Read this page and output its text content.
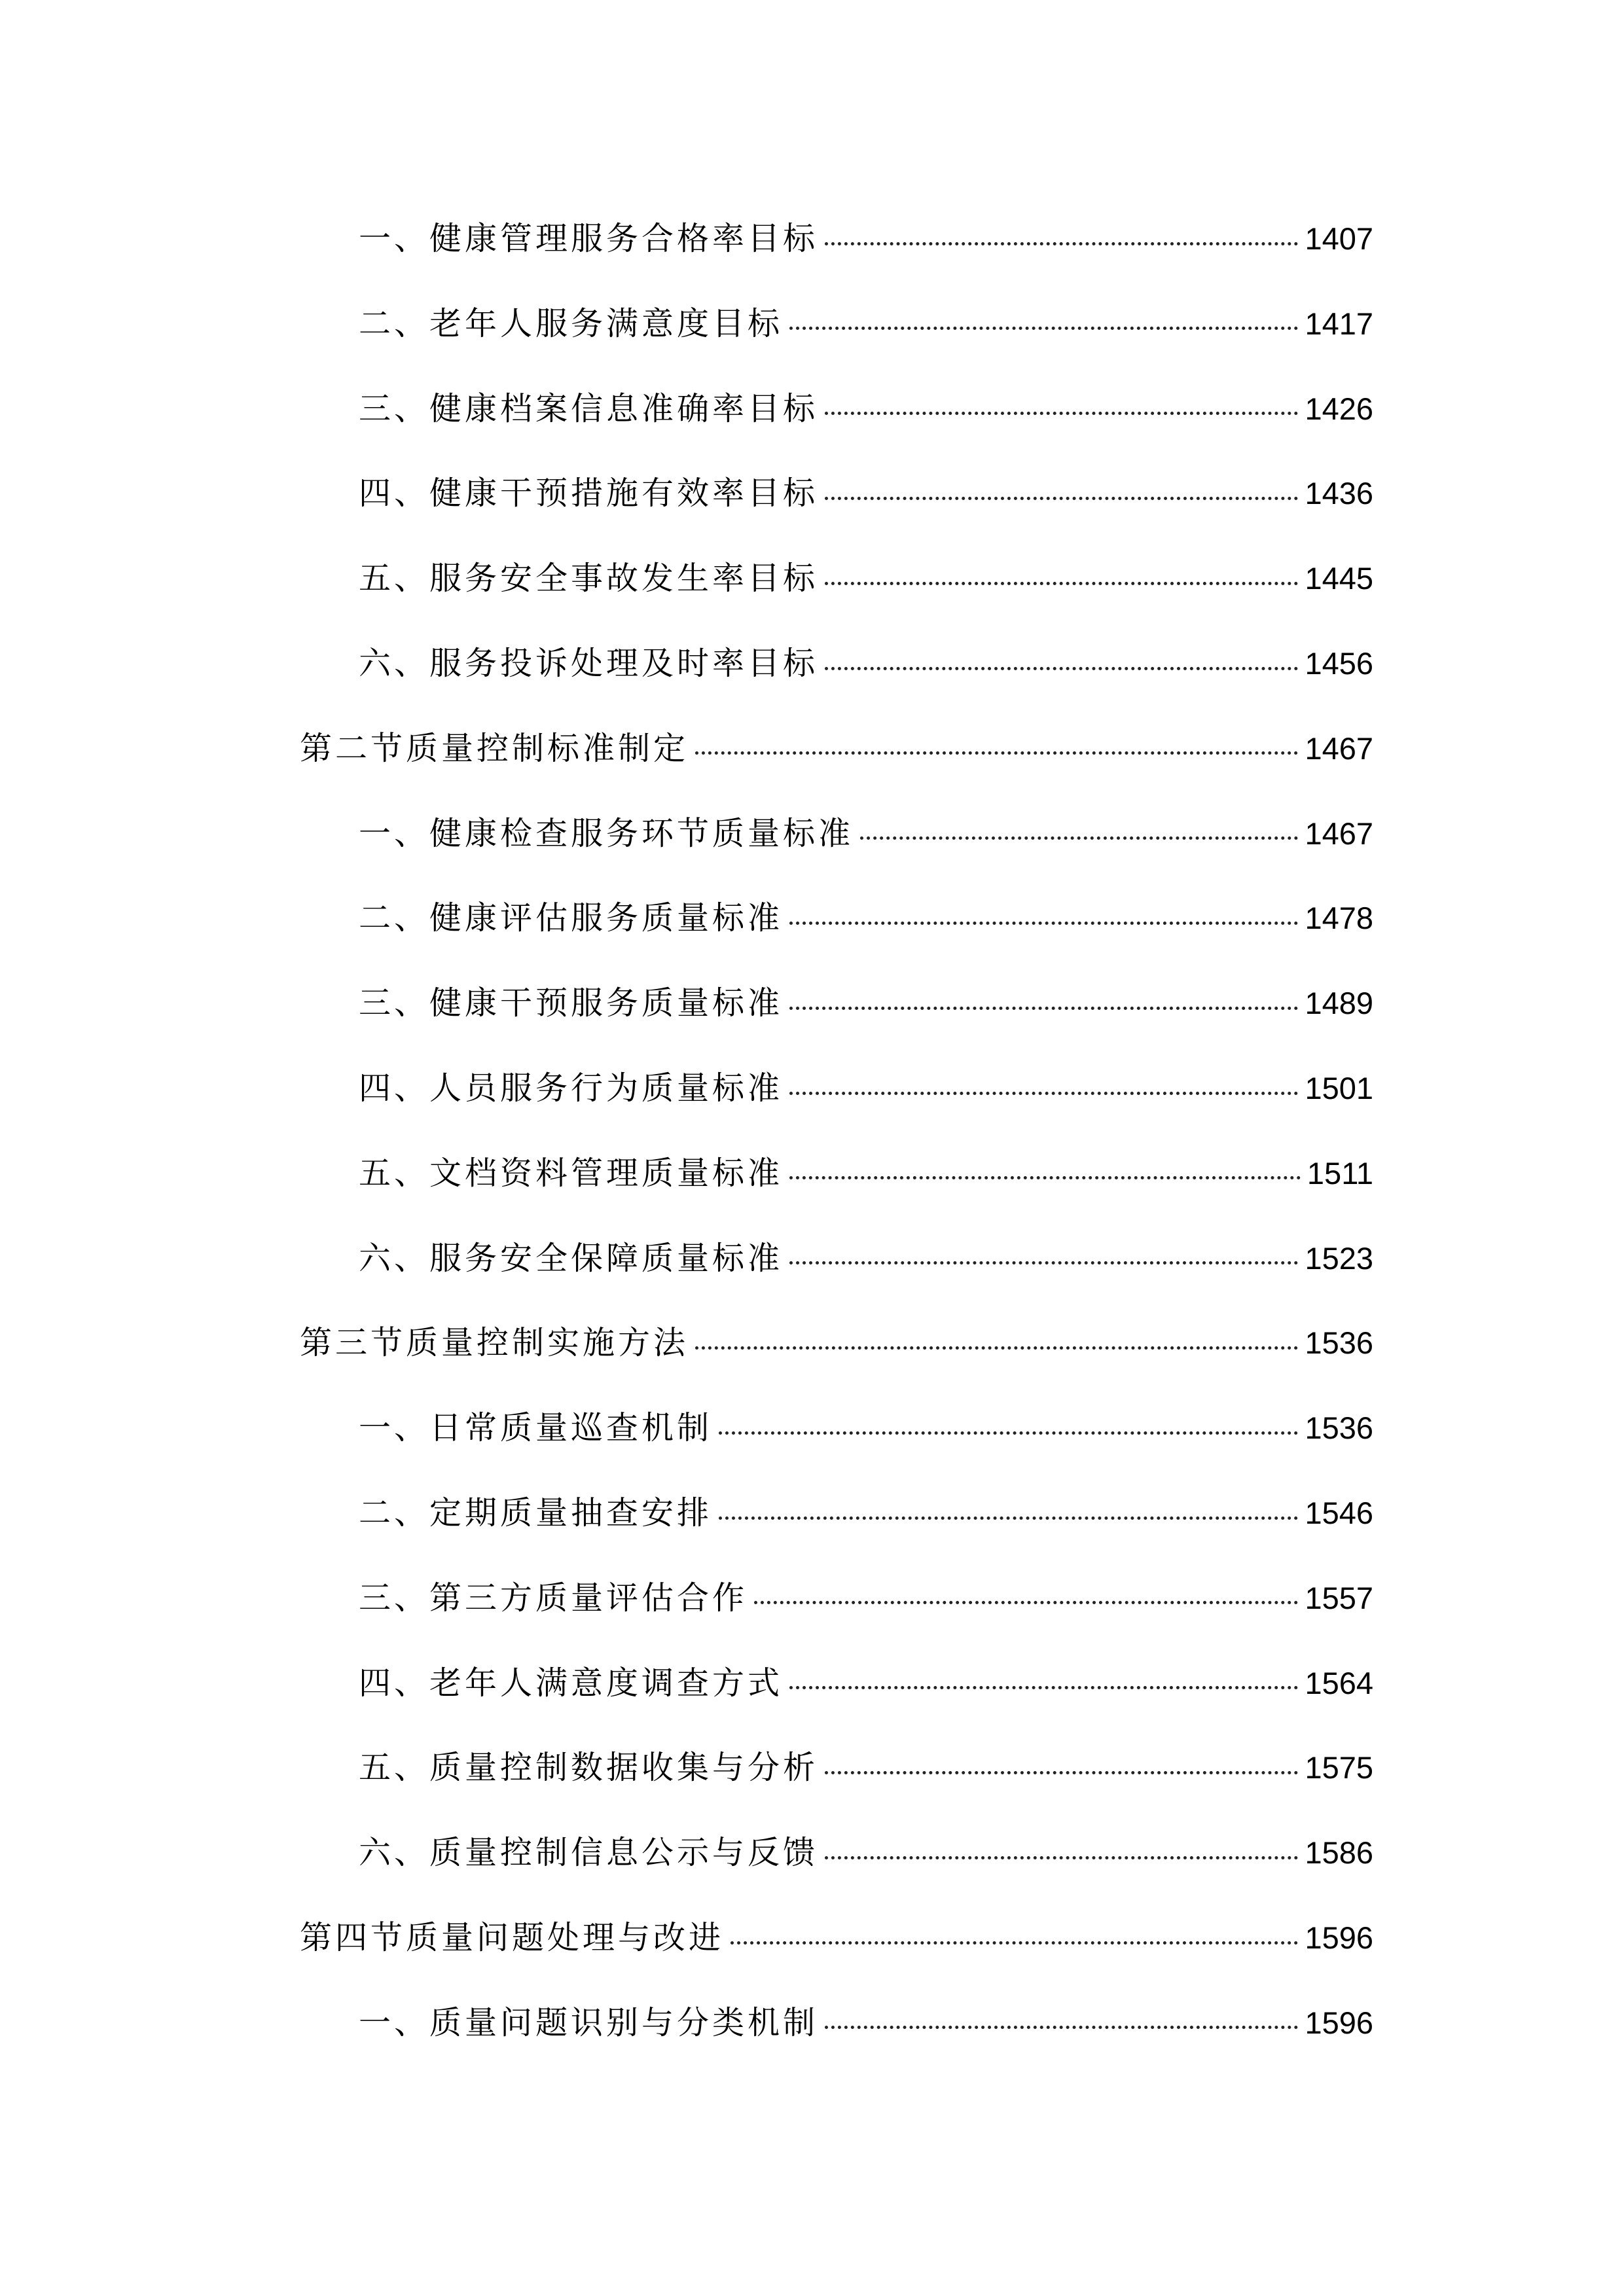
一、健康管理服务合格率目标	1407
二、老年人服务满意度目标	1417
三、健康档案信息准确率目标	1426
四、健康干预措施有效率目标	1436
五、服务安全事故发生率目标	1445
六、服务投诉处理及时率目标	1456
第二节质量控制标准制定	1467
一、健康检查服务环节质量标准	1467
二、健康评估服务质量标准	1478
三、健康干预服务质量标准	1489
四、人员服务行为质量标准	1501
五、文档资料管理质量标准	1511
六、服务安全保障质量标准	1523
第三节质量控制实施方法	1536
一、日常质量巡查机制	1536
二、定期质量抽查安排	1546
三、第三方质量评估合作	1557
四、老年人满意度调查方式	1564
五、质量控制数据收集与分析	1575
六、质量控制信息公示与反馈	1586
第四节质量问题处理与改进	1596
一、质量问题识别与分类机制	1596
